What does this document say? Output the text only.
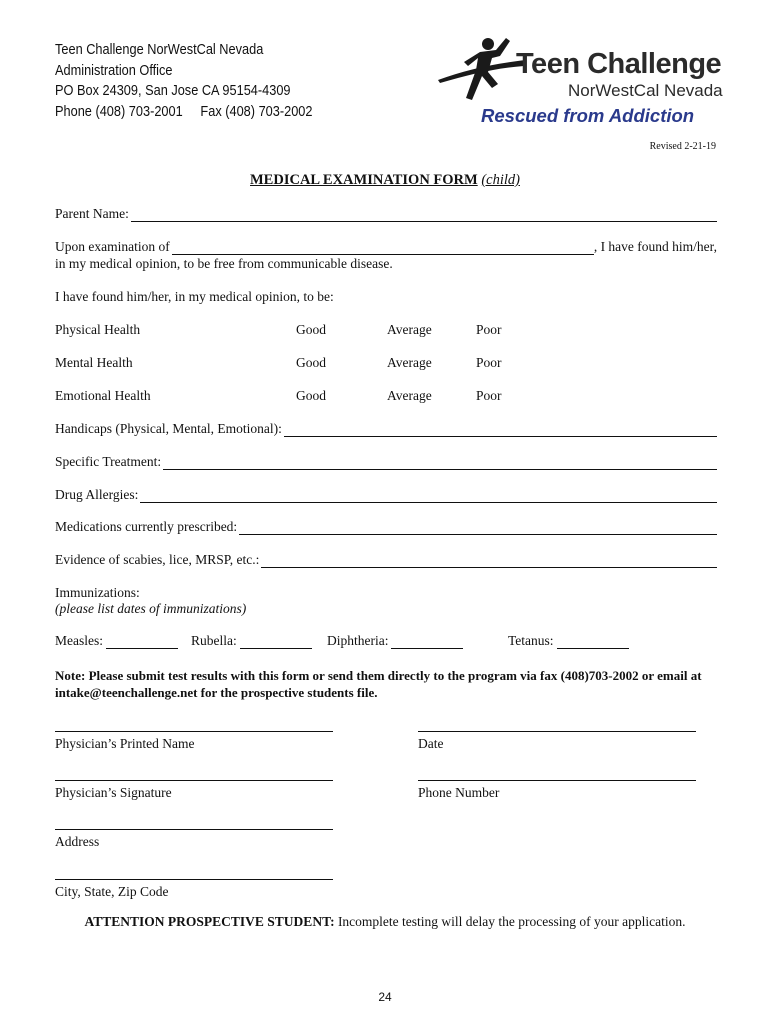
Teen Challenge NorWestCal Nevada
Administration Office
PO Box 24309, San Jose CA 95154-4309
Phone (408) 703-2001     Fax (408) 703-2002
Teen Challenge
NorWestCal Nevada
Rescued from Addiction
Revised 2-21-19
MEDICAL EXAMINATION FORM (child)
Parent Name:
Upon examination of	, I have found him/her,
in my medical opinion, to be free from communicable disease.
I have found him/her, in my medical opinion, to be:
Physical Health	Good	Average	Poor
Mental Health	Good	Average	Poor
Emotional Health	Good	Average	Poor
Handicaps (Physical, Mental, Emotional):
Specific Treatment:
Drug Allergies:
Medications currently prescribed:
Evidence of scabies, lice, MRSP, etc.:
Immunizations:
(please list dates of immunizations)
Measles:	Rubella:	Diphtheria:	Tetanus:
Note: Please submit test results with this form or send them directly to the program via fax (408)703-2002 or email at intake@teenchallenge.net for the prospective students file.
Physician’s Printed Name	Date
Physician’s Signature	Phone Number
Address
City, State, Zip Code
ATTENTION PROSPECTIVE STUDENT: Incomplete testing will delay the processing of your application.
24
